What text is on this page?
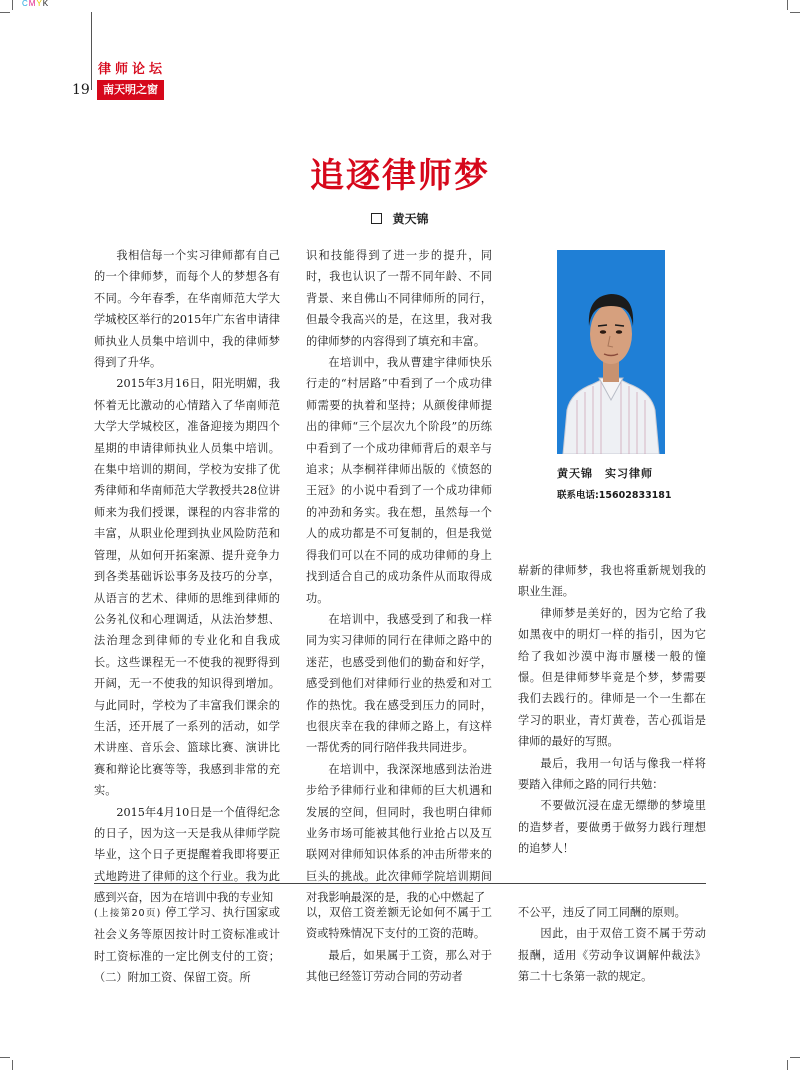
C M Y K
律师论坛
19	南天明之窗
追逐律师梦
黄天锦

我相信每一个实习律师都有自己的一个律师梦，而每个人的梦想各有不同。今年春季，在华南师范大学大学城校区举行的2015年广东省申请律师执业人员集中培训中，我的律师梦得到了升华。

2015年3月16日，阳光明媚，我怀着无比激动的心情踏入了华南师范大学大学城校区，准备迎接为期四个星期的申请律师执业人员集中培训。在集中培训的期间，学校为安排了优秀律师和华南师范大学教授共28位讲师来为我们授课，课程的内容非常的丰富，从职业伦理到执业风险防范和管理，从如何开拓案源、提升竞争力到各类基础诉讼事务及技巧的分享，从语言的艺术、律师的思维到律师的公务礼仪和心理调适，从法治梦想、法治理念到律师的专业化和自我成长。这些课程无一不使我的视野得到开阔，无一不使我的知识得到增加。与此同时，学校为了丰富我们课余的生活，还开展了一系列的活动，如学术讲座、音乐会、篮球比赛、演讲比赛和辩论比赛等等，我感到非常的充实。

2015年4月10日是一个值得纪念的日子，因为这一天是我从律师学院毕业，这个日子更提醒着我即将要正式地跨进了律师的这个行业。我为此感到兴奋，因为在培训中我的专业知

识和技能得到了进一步的提升，同时，我也认识了一帮不同年龄、不同背景、来自佛山不同律师所的同行，但最令我高兴的是，在这里，我对我的律师梦的内容得到了填充和丰富。

在培训中，我从曹建宇律师快乐行走的“村居路”中看到了一个成功律师需要的执着和坚持；从颜俊律师提出的律师“三个层次九个阶段”的历练中看到了一个成功律师背后的艰辛与追求；从李桐祥律师出版的《愤怒的王冠》的小说中看到了一个成功律师的冲劲和务实。我在想，虽然每一个人的成功都是不可复制的，但是我觉得我们可以在不同的成功律师的身上找到适合自己的成功条件从而取得成功。

在培训中，我感受到了和我一样同为实习律师的同行在律师之路中的迷茫，也感受到他们的勤奋和好学，感受到他们对律师行业的热爱和对工作的热忱。我在感受到压力的同时，也很庆幸在我的律师之路上，有这样一帮优秀的同行陪伴我共同进步。

在培训中，我深深地感到法治进步给予律师行业和律师的巨大机遇和发展的空间，但同时，我也明白律师业务市场可能被其他行业抢占以及互联网对律师知识体系的冲击所带来的巨头的挑战。此次律师学院培训期间对我影响最深的是，我的心中燃起了

黄天锦　实习律师
联系电话:15602833181

崭新的律师梦，我也将重新规划我的职业生涯。

律师梦是美好的，因为它给了我如黑夜中的明灯一样的指引，因为它给了我如沙漠中海市蜃楼一般的憧憬。但是律师梦毕竟是个梦，梦需要我们去践行的。律师是一个一生都在学习的职业，青灯黄卷，苦心孤诣是律师的最好的写照。

最后，我用一句话与像我一样将要踏入律师之路的同行共勉：

不要做沉浸在虚无缥缈的梦境里的造梦者，要做勇于做努力践行理想的追梦人！

(上接第20页) 停工学习、执行国家或社会义务等原因按计时工资标准或计时工资标准的一定比例支付的工资；（二）附加工资、保留工资。所

以，双倍工资差额无论如何不属于工资或特殊情况下支付的工资的范畴。

最后，如果属于工资，那么对于其他已经签订劳动合同的劳动者

不公平，违反了同工同酬的原则。

因此，由于双倍工资不属于劳动报酬，适用《劳动争议调解仲裁法》第二十七条第一款的规定。
